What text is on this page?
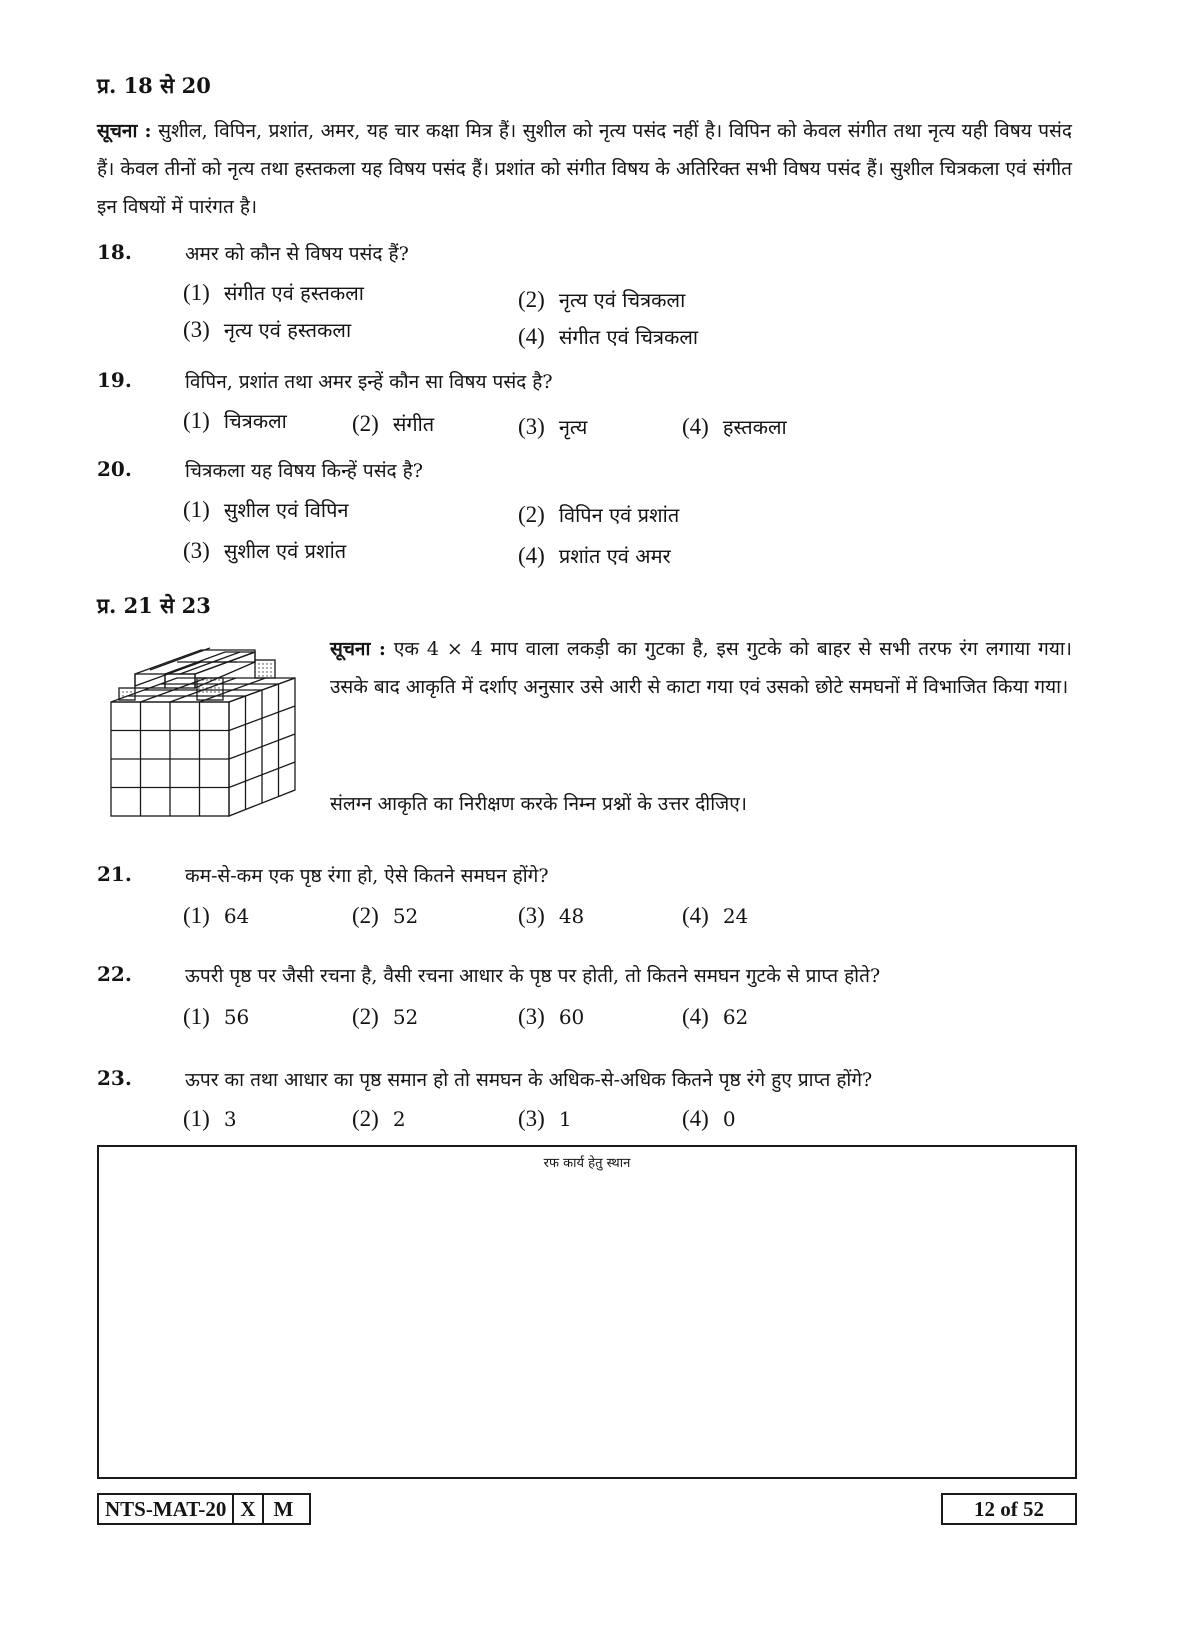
प्र. 18 से 20
सूचना : सुशील, विपिन, प्रशांत, अमर, यह चार कक्षा मित्र हैं। सुशील को नृत्य पसंद नहीं है। विपिन को केवल संगीत तथा नृत्य यही विषय पसंद हैं। केवल तीनों को नृत्य तथा हस्तकला यह विषय पसंद हैं। प्रशांत को संगीत विषय के अतिरिक्त सभी विषय पसंद हैं। सुशील चित्रकला एवं संगीत इन विषयों में पारंगत है।
18.	अमर को कौन से विषय पसंद हैं?
(1) संगीत एवं हस्तकला	(2) नृत्य एवं चित्रकला
(3) नृत्य एवं हस्तकला	(4) संगीत एवं चित्रकला
19.	विपिन, प्रशांत तथा अमर इन्हें कौन सा विषय पसंद है?
(1) चित्रकला	(2) संगीत	(3) नृत्य	(4) हस्तकला
20.	चित्रकला यह विषय किन्हें पसंद है?
(1) सुशील एवं विपिन	(2) विपिन एवं प्रशांत
(3) सुशील एवं प्रशांत	(4) प्रशांत एवं अमर
प्र. 21 से 23
सूचना : एक 4 × 4 माप वाला लकड़ी का गुटका है, इस गुटके को बाहर से सभी तरफ रंग लगाया गया। उसके बाद आकृति में दर्शाए अनुसार उसे आरी से काटा गया एवं उसको छोटे समघनों में विभाजित किया गया।
संलग्न आकृति का निरीक्षण करके निम्न प्रश्नों के उत्तर दीजिए।
21.	कम-से-कम एक पृष्ठ रंगा हो, ऐसे कितने समघन होंगे?
(1) 64	(2) 52	(3) 48	(4) 24
22.	ऊपरी पृष्ठ पर जैसी रचना है, वैसी रचना आधार के पृष्ठ पर होती, तो कितने समघन गुटके से प्राप्त होते?
(1) 56	(2) 52	(3) 60	(4) 62
23.	ऊपर का तथा आधार का पृष्ठ समान हो तो समघन के अधिक-से-अधिक कितने पृष्ठ रंगे हुए प्राप्त होंगे?
(1) 3	(2) 2	(3) 1	(4) 0
रफ कार्य हेतु स्थान
NTS-MAT-20 X M	12 of 52
